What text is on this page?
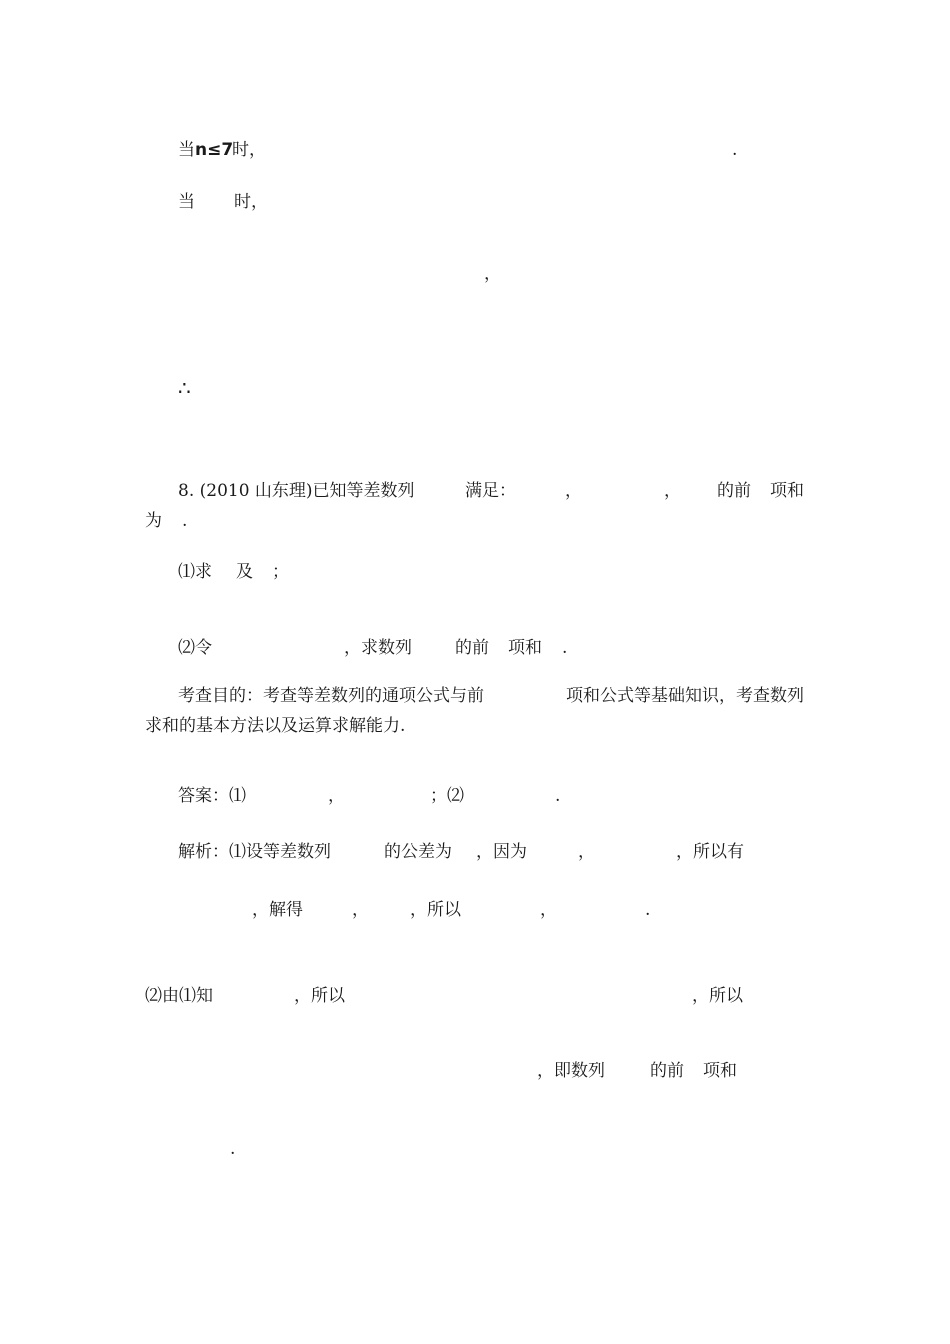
当 n≤7
时，	.
当 时，
，
∴
8. (2010 山东理)已知等差数列	满足：	，	， 的前 项和
为 .
⑴求 及 ；
⑵令	，求数列	的前 项和 .
考查目的：考查等差数列的通项公式与前	项和公式等基础知识，考查数列
求和的基本方法以及运算求解能力.
答案：⑴	，	；⑵	.
解析：⑴设等差数列	的公差为 ，因为	，	，所以有
，解得	， ，所以	，	.
⑵由⑴知	，所以	，所以
，即数列	的前 项和
.
